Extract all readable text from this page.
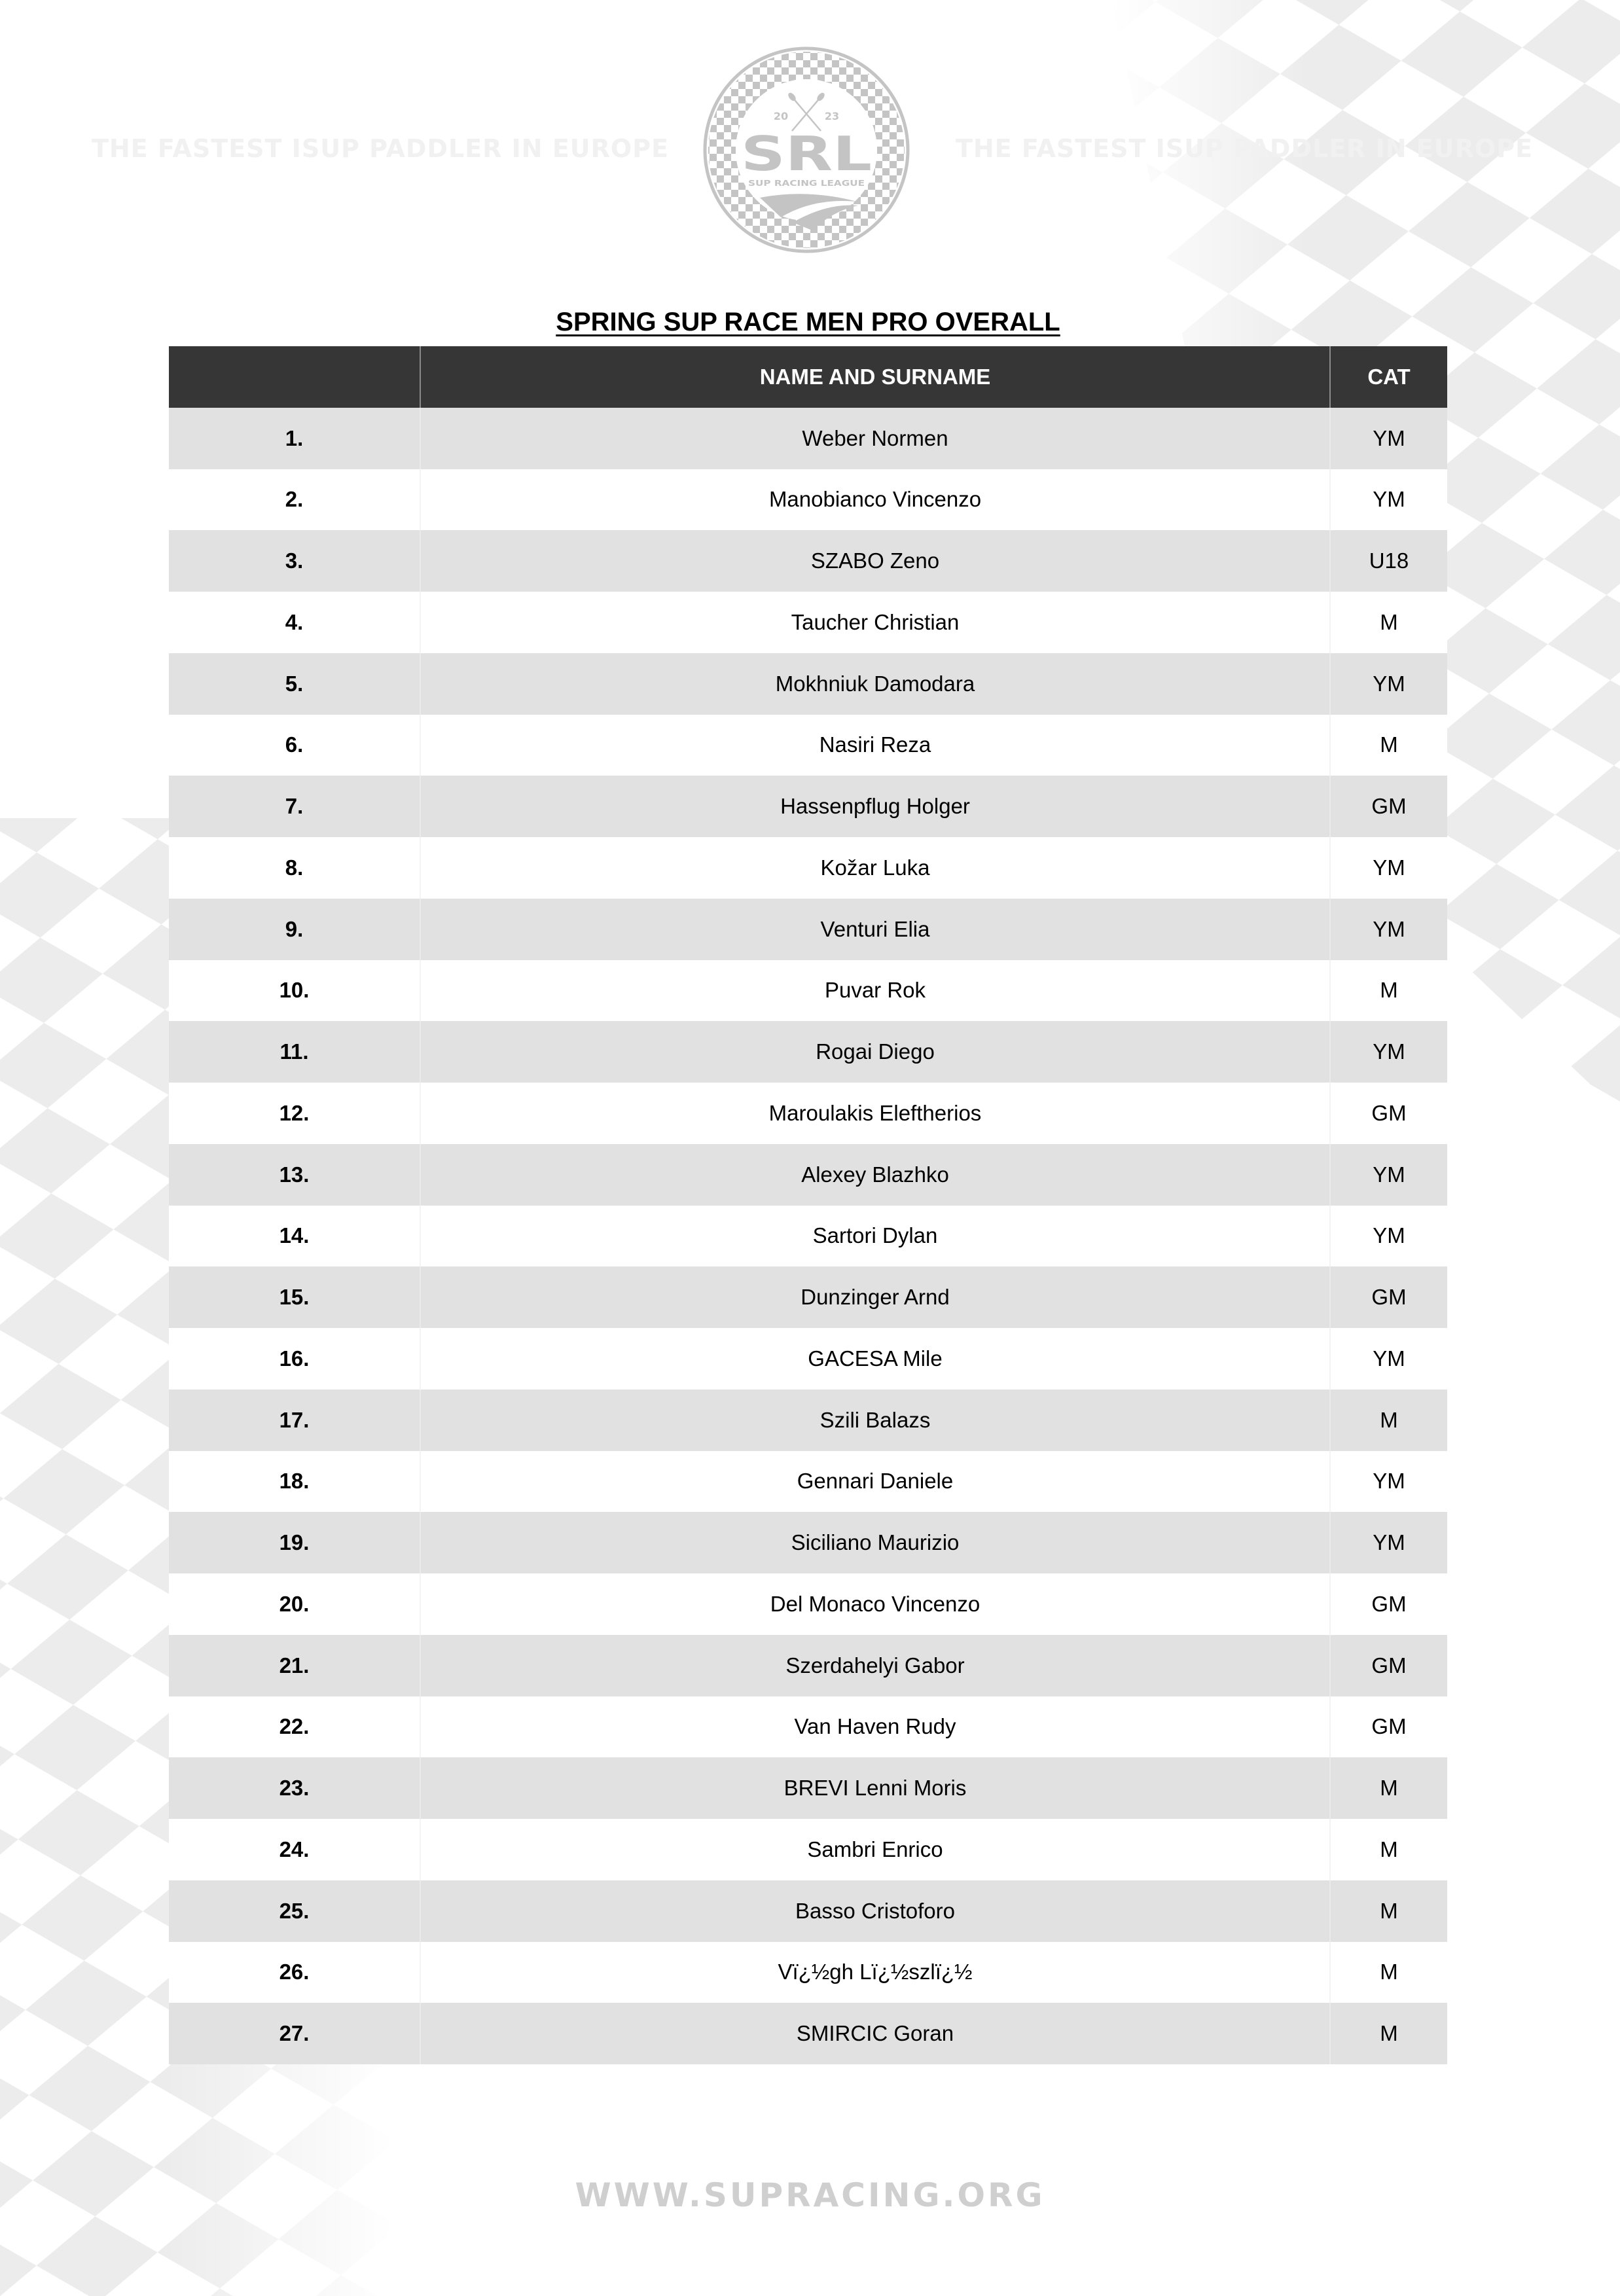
THE FASTEST ISUP PADDLER IN EUROPE	THE FASTEST ISUP PADDLER IN EUROPE
20	23
SRL
SUP RACING LEAGUE
SPRING SUP RACE MEN PRO OVERALL
	NAME AND SURNAME	CAT
1.	Weber Normen	YM
2.	Manobianco Vincenzo	YM
3.	SZABO Zeno	U18
4.	Taucher Christian	M
5.	Mokhniuk Damodara	YM
6.	Nasiri Reza	M
7.	Hassenpflug Holger	GM
8.	Kožar Luka	YM
9.	Venturi Elia	YM
10.	Puvar Rok	M
11.	Rogai Diego	YM
12.	Maroulakis Eleftherios	GM
13.	Alexey Blazhko	YM
14.	Sartori Dylan	YM
15.	Dunzinger Arnd	GM
16.	GACESA Mile	YM
17.	Szili Balazs	M
18.	Gennari Daniele	YM
19.	Siciliano Maurizio	YM
20.	Del Monaco Vincenzo	GM
21.	Szerdahelyi Gabor	GM
22.	Van Haven Rudy	GM
23.	BREVI Lenni Moris	M
24.	Sambri Enrico	M
25.	Basso Cristoforo	M
26.	Vï¿½gh Lï¿½szlï¿½	M
27.	SMIRCIC Goran	M
WWW.SUPRACING.ORG
